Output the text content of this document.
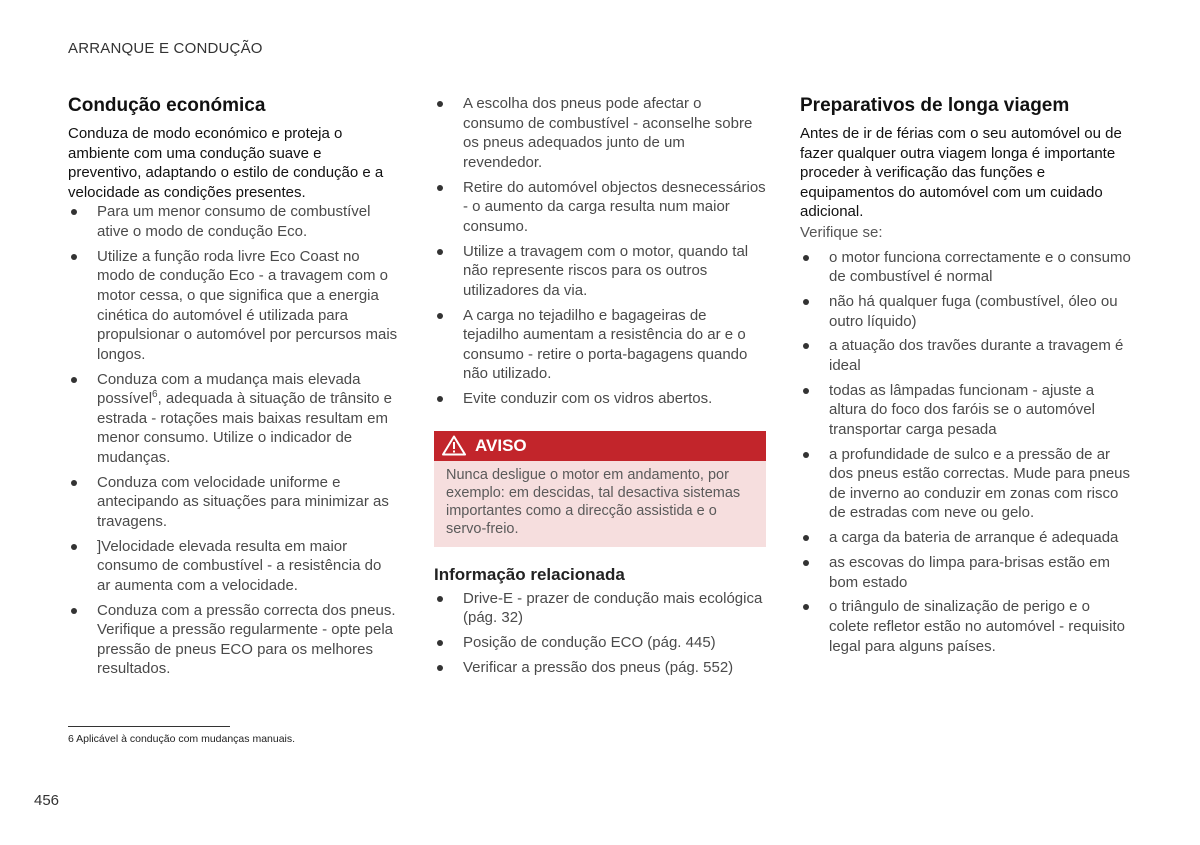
ARRANQUE E CONDUÇÃO
Condução económica

Conduza de modo económico e proteja o ambiente com uma condução suave e preventivo, adaptando o estilo de condução e a velocidade as condições presentes.

Para um menor consumo de combustível ative o modo de condução Eco.
Utilize a função roda livre Eco Coast no modo de condução Eco - a travagem com o motor cessa, o que significa que a energia cinética do automóvel é utilizada para propulsionar o automóvel por percursos mais longos.
Conduza com a mudança mais elevada possível$^6$, adequada à situação de trânsito e estrada - rotações mais baixas resultam em menor consumo. Utilize o indicador de mudanças.
Conduza com velocidade uniforme e antecipando as situações para minimizar as travagens.
]Velocidade elevada resulta em maior consumo de combustível - a resistência do ar aumenta com a velocidade.
Conduza com a pressão correcta dos pneus. Verifique a pressão regularmente - opte pela pressão de pneus ECO para os melhores resultados.
A escolha dos pneus pode afectar o consumo de combustível - aconselhe sobre os pneus adequados junto de um revendedor.
Retire do automóvel objectos desnecessários - o aumento da carga resulta num maior consumo.
Utilize a travagem com o motor, quando tal não represente riscos para os outros utilizadores da via.
A carga no tejadilho e bagageiras de tejadilho aumentam a resistência do ar e o consumo - retire o porta-bagagens quando não utilizado.
Evite conduzir com os vidros abertos.
AVISO
Nunca desligue o motor em andamento, por exemplo: em descidas, tal desactiva sistemas importantes como a direcção assistida e o servo-freio.
Informação relacionada
Drive-E - prazer de condução mais ecológica (pág. 32)
Posição de condução ECO (pág. 445)
Verificar a pressão dos pneus (pág. 552)
Preparativos de longa viagem

Antes de ir de férias com o seu automóvel ou de fazer qualquer outra viagem longa é importante proceder à verificação das funções e equipamentos do automóvel com um cuidado adicional.

Verifique se:

o motor funciona correctamente e o consumo de combustível é normal
não há qualquer fuga (combustível, óleo ou outro líquido)
a atuação dos travões durante a travagem é ideal
todas as lâmpadas funcionam - ajuste a altura do foco dos faróis se o automóvel transportar carga pesada
a profundidade de sulco e a pressão de ar dos pneus estão correctas. Mude para pneus de inverno ao conduzir em zonas com risco de estradas com neve ou gelo.
a carga da bateria de arranque é adequada
as escovas do limpa para-brisas estão em bom estado
o triângulo de sinalização de perigo e o colete refletor estão no automóvel - requisito legal para alguns países.
6 Aplicável à condução com mudanças manuais.
456
